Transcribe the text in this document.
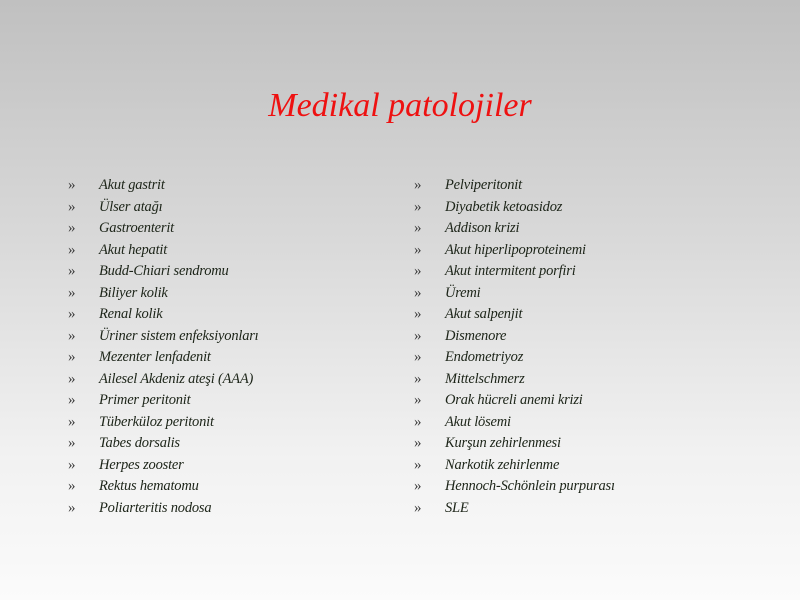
Medikal patolojiler
» Akut gastrit
» Ülser atağı
» Gastroenterit
» Akut hepatit
» Budd-Chiari sendromu
» Biliyer kolik
» Renal kolik
» Üriner sistem enfeksiyonları
» Mezenter lenfadenit
» Ailesel Akdeniz ateşi (AAA)
» Primer peritonit
» Tüberküloz peritonit
» Tabes dorsalis
» Herpes zooster
» Rektus hematomu
» Poliarteritis nodosa
» Pelviperitonit
» Diyabetik ketoasidoz
» Addison krizi
» Akut hiperlipoproteinemi
» Akut intermitent porfiri
» Üremi
» Akut salpenjit
» Dismenore
» Endometriyoz
» Mittelschmerz
» Orak hücreli anemi krizi
» Akut lösemi
» Kurşun zehirlenmesi
» Narkotik zehirlenme
» Hennoch-Schönlein purpurası
» SLE
